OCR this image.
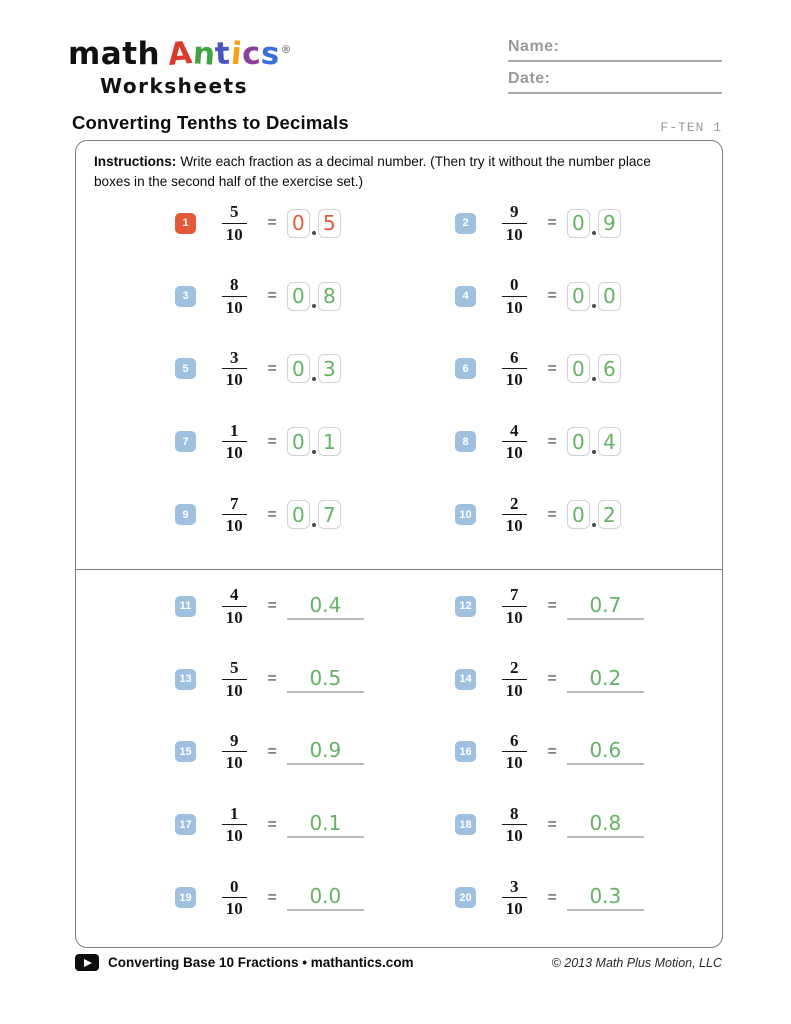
math Antics®
Worksheets
Name:
Date:
Converting Tenths to Decimals	F-TEN 1

Instructions: Write each fraction as a decimal number. (Then try it without the number place boxes in the second half of the exercise set.)

1	$\frac{5}{10} = 0$ 5	2	$\frac{9}{10} = 0$ 9
3	$\frac{8}{10} = 0$ 8	4	$\frac{0}{10} = 0$ 0
5	$\frac{3}{10} = 0$ 3	6	$\frac{6}{10} = 0$ 6
7	$\frac{1}{10} = 0$ 1	8	$\frac{4}{10} = 0$ 4
9	$\frac{7}{10} = 0$ 7	$10 \frac{2}{10} = 0$ 2
$11 \frac{4}{10}$ =	0.4	$12 \frac{7}{10}$ =	0.7
$13 \frac{5}{10}$ =	0.5	$14 \frac{2}{10}$ =	0.2
$15 \frac{9}{10}$ =	0.9	$16 \frac{6}{10}$ =	0.6
$17 \frac{1}{10}$ =	0.1	$18 \frac{8}{10}$ =	0.8
$19 \frac{0}{10}$ =	0.0	$20 \frac{3}{10}$ =	0.3
Converting Base 10 Fractions • mathantics.com	© 2013 Math Plus Motion, LLC
